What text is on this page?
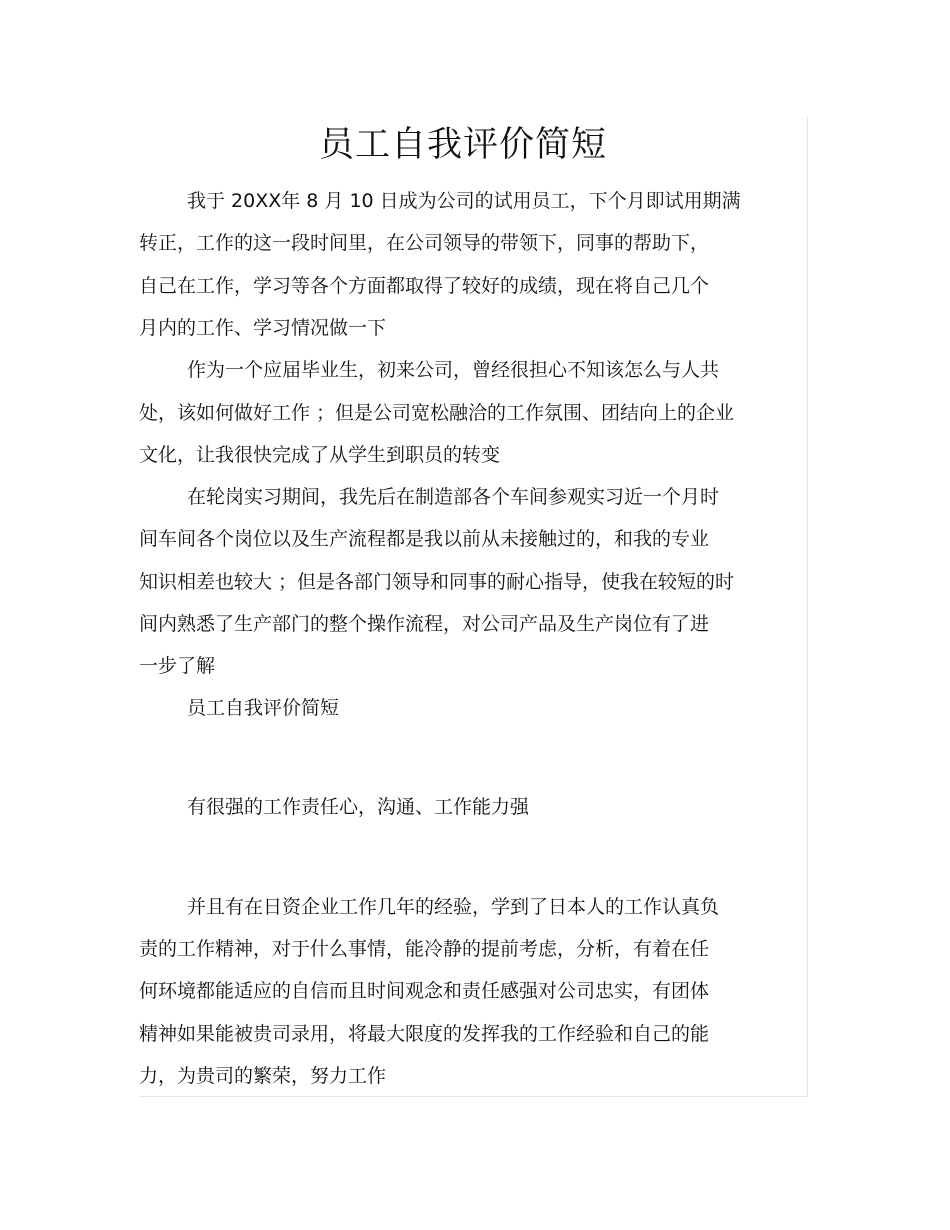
员工自我评价简短

我于 20XX年 8 月 10 日成为公司的试用员工，下个月即试用期满

转正，工作的这一段时间里，在公司领导的带领下，同事的帮助下，

自己在工作，学习等各个方面都取得了较好的成绩，现在将自己几个

月内的工作、学习情况做一下

作为一个应届毕业生，初来公司，曾经很担心不知该怎么与人共

处，该如何做好工作 ；但是公司宽松融洽的工作氛围、团结向上的企业

文化，让我很快完成了从学生到职员的转变

在轮岗实习期间，我先后在制造部各个车间参观实习近一个月时

间车间各个岗位以及生产流程都是我以前从未接触过的，和我的专业

知识相差也较大 ；但是各部门领导和同事的耐心指导，使我在较短的时

间内熟悉了生产部门的整个操作流程，对公司产品及生产岗位有了进

一步了解

员工自我评价简短

有很强的工作责任心，沟通、工作能力强

并且有在日资企业工作几年的经验，学到了日本人的工作认真负

责的工作精神，对于什么事情，能冷静的提前考虑，分析，有着在任

何环境都能适应的自信而且时间观念和责任感强对公司忠实，有团体

精神如果能被贵司录用，将最大限度的发挥我的工作经验和自己的能

力，为贵司的繁荣，努力工作
